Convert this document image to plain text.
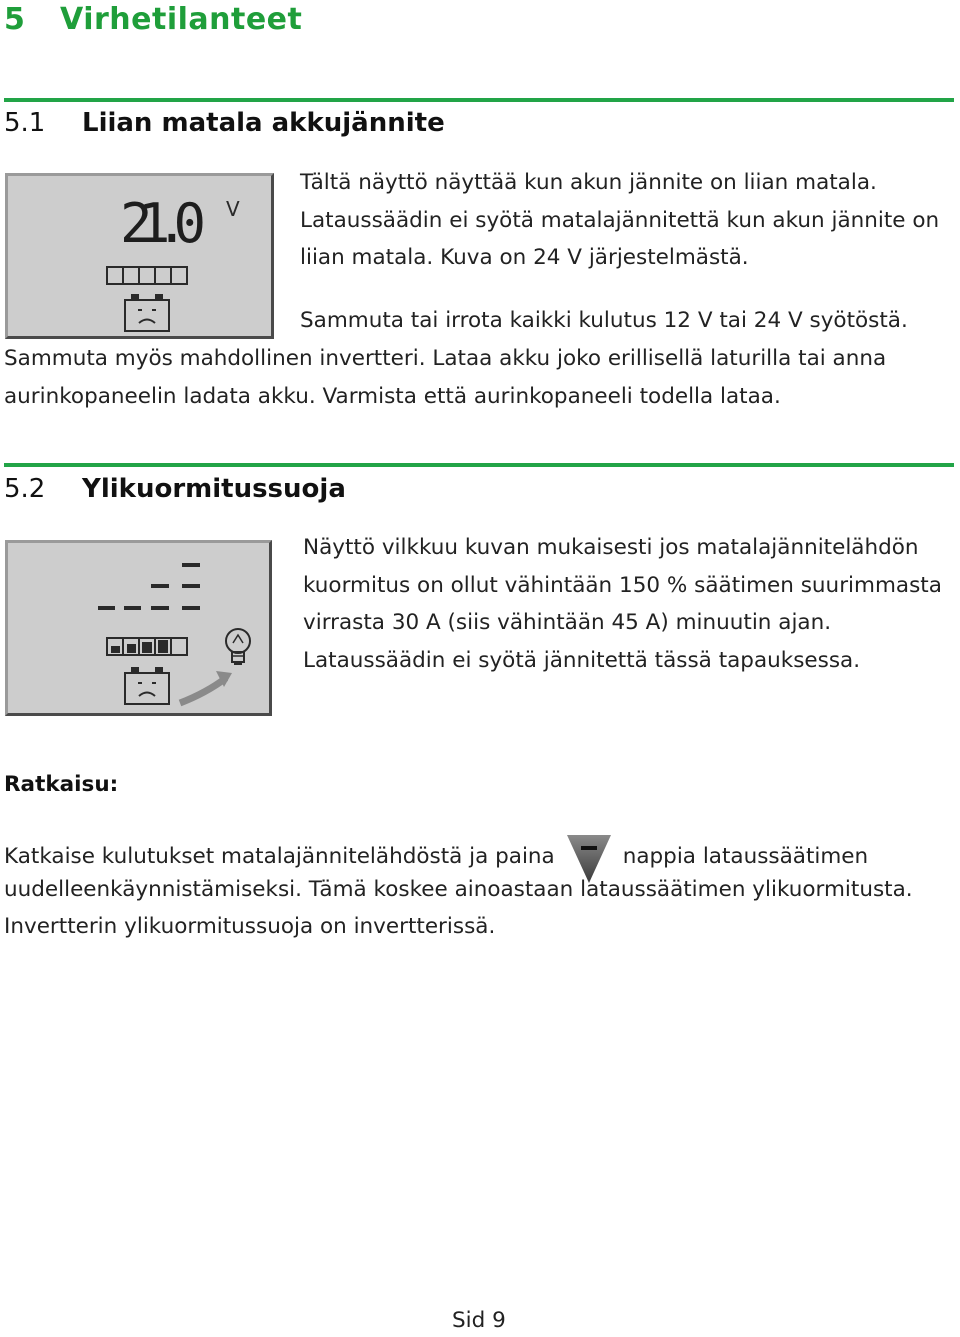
5 Virhetilanteet
5.1 Liian matala akkujännite
21.0 V
Tältä näyttö näyttää kun akun jännite on liian matala.
Lataussäädin ei syötä matalajännitettä kun akun jännite on
liian matala. Kuva on 24 V järjestelmästä.
Sammuta tai irrota kaikki kulutus 12 V tai 24 V syötöstä.
Sammuta myös mahdollinen invertteri. Lataa akku joko erillisellä laturilla tai anna
aurinkopaneelin ladata akku. Varmista että aurinkopaneeli todella lataa.
5.2 Ylikuormitussuoja
Näyttö vilkkuu kuvan mukaisesti jos matalajännitelähdön
kuormitus on ollut vähintään 150 % säätimen suurimmasta
virrasta 30 A (siis vähintään 45 A) minuutin ajan.
Lataussäädin ei syötä jännitettä tässä tapauksessa.
Ratkaisu:
Katkaise kulutukset matalajännitelähdöstä ja paina	nappia lataussäätimen
uudelleenkäynnistämiseksi. Tämä koskee ainoastaan lataussäätimen ylikuormitusta.
Invertterin ylikuormitussuoja on invertterissä.
Sid 9
